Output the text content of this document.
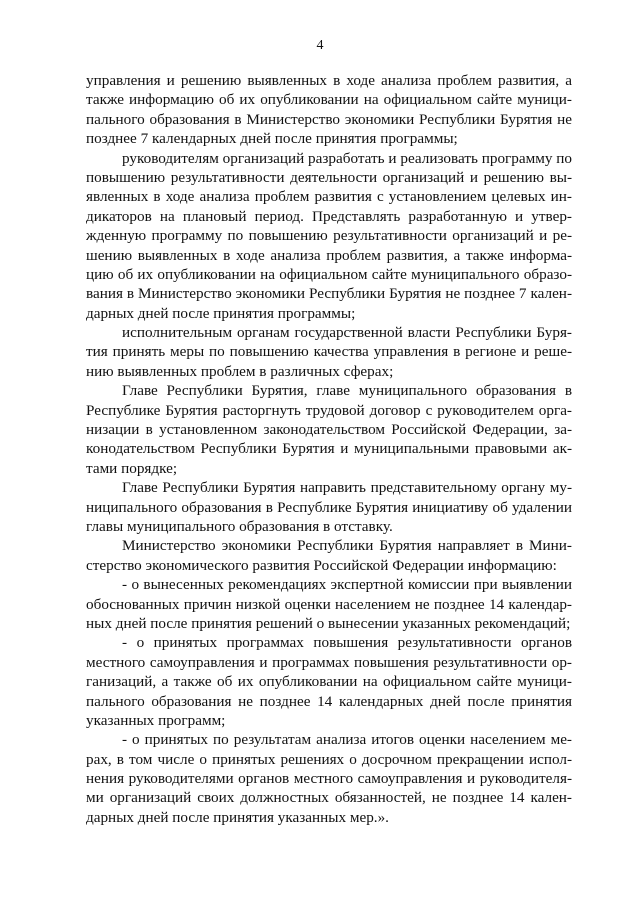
4
управления и решению выявленных в ходе анализа проблем развития, а
также информацию об их опубликовании на официальном сайте муници-
пального образования в Министерство экономики Республики Бурятия не
позднее 7 календарных дней после принятия программы;
руководителям организаций разработать и реализовать программу по
повышению результативности деятельности организаций и решению вы-
явленных в ходе анализа проблем развития с установлением целевых ин-
дикаторов на плановый период. Представлять разработанную и утвер-
жденную программу по повышению результативности организаций и ре-
шению выявленных в ходе анализа проблем развития, а также информа-
цию об их опубликовании на официальном сайте муниципального образо-
вания в Министерство экономики Республики Бурятия не позднее 7 кален-
дарных дней после принятия программы;
исполнительным органам государственной власти Республики Буря-
тия принять меры по повышению качества управления в регионе и реше-
нию выявленных проблем в различных сферах;
Главе Республики Бурятия, главе муниципального образования в
Республике Бурятия расторгнуть трудовой договор с руководителем орга-
низации в установленном законодательством Российской Федерации, за-
конодательством Республики Бурятия и муниципальными правовыми ак-
тами порядке;
Главе Республики Бурятия направить представительному органу му-
ниципального образования в Республике Бурятия инициативу об удалении
главы муниципального образования в отставку.
Министерство экономики Республики Бурятия направляет в Мини-
стерство экономического развития Российской Федерации информацию:
- о вынесенных рекомендациях экспертной комиссии при выявлении
обоснованных причин низкой оценки населением не позднее 14 календар-
ных дней после принятия решений о вынесении указанных рекомендаций;
- о принятых программах повышения результативности органов
местного самоуправления и программах повышения результативности ор-
ганизаций, а также об их опубликовании на официальном сайте муници-
пального образования не позднее 14 календарных дней после принятия
указанных программ;
- о принятых по результатам анализа итогов оценки населением ме-
рах, в том числе о принятых решениях о досрочном прекращении испол-
нения руководителями органов местного самоуправления и руководителя-
ми организаций своих должностных обязанностей, не позднее 14 кален-
дарных дней после принятия указанных мер.».
